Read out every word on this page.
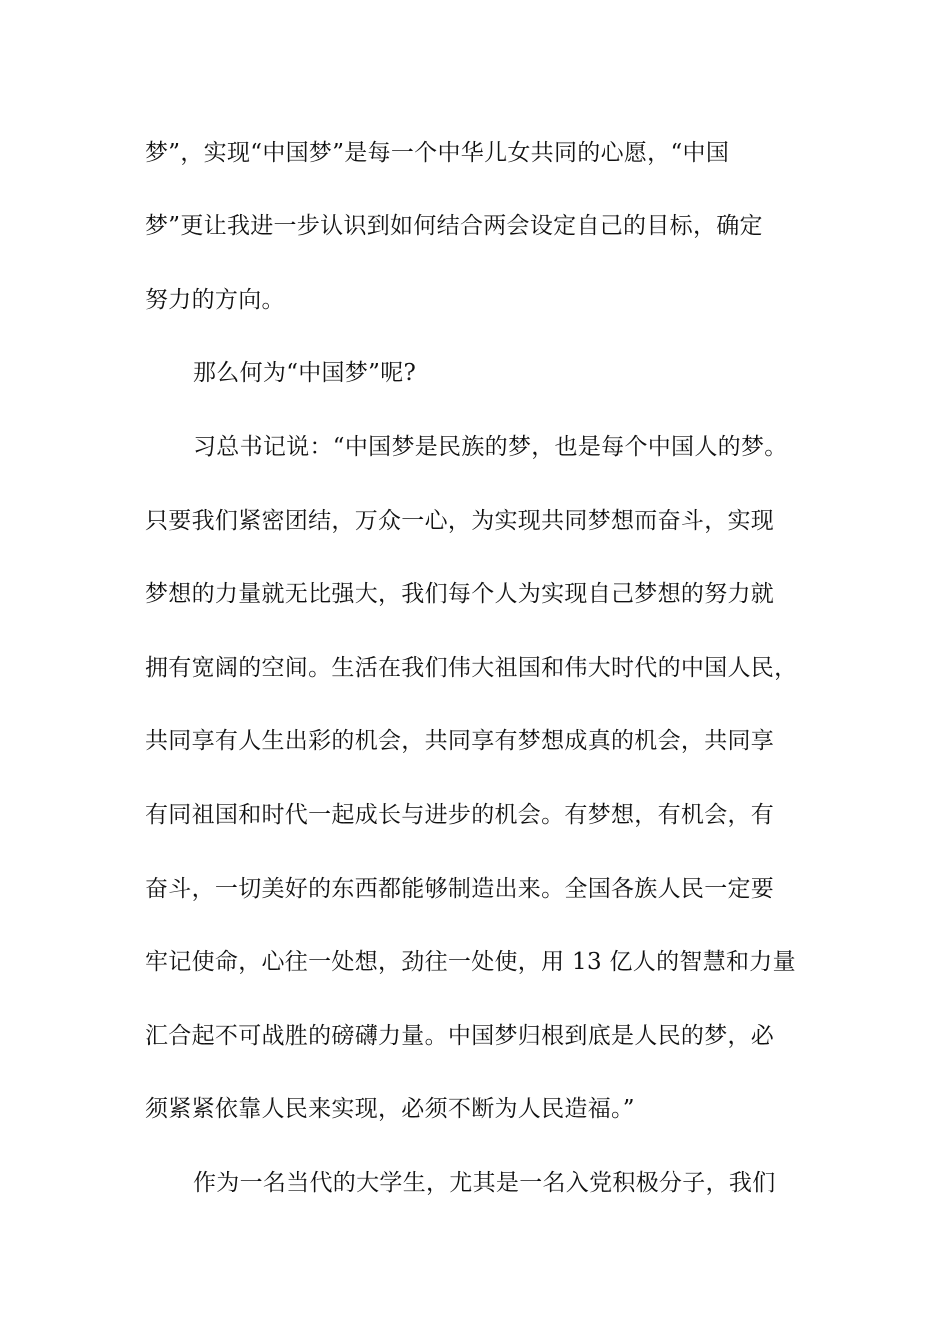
梦”，实现“中国梦”是每一个中华儿女共同的心愿，“中国
梦”更让我进一步认识到如何结合两会设定自己的目标，确定
努力的方向。
那么何为“中国梦”呢?
习总书记说：“中国梦是民族的梦，也是每个中国人的梦。
只要我们紧密团结，万众一心，为实现共同梦想而奋斗，实现
梦想的力量就无比强大，我们每个人为实现自己梦想的努力就
拥有宽阔的空间。生活在我们伟大祖国和伟大时代的中国人民，
共同享有人生出彩的机会，共同享有梦想成真的机会，共同享
有同祖国和时代一起成长与进步的机会。有梦想，有机会，有
奋斗，一切美好的东西都能够制造出来。全国各族人民一定要
牢记使命，心往一处想，劲往一处使，用 13 亿人的智慧和力量
汇合起不可战胜的磅礴力量。中国梦归根到底是人民的梦，必
须紧紧依靠人民来实现，必须不断为人民造福。”
作为一名当代的大学生，尤其是一名入党积极分子，我们
